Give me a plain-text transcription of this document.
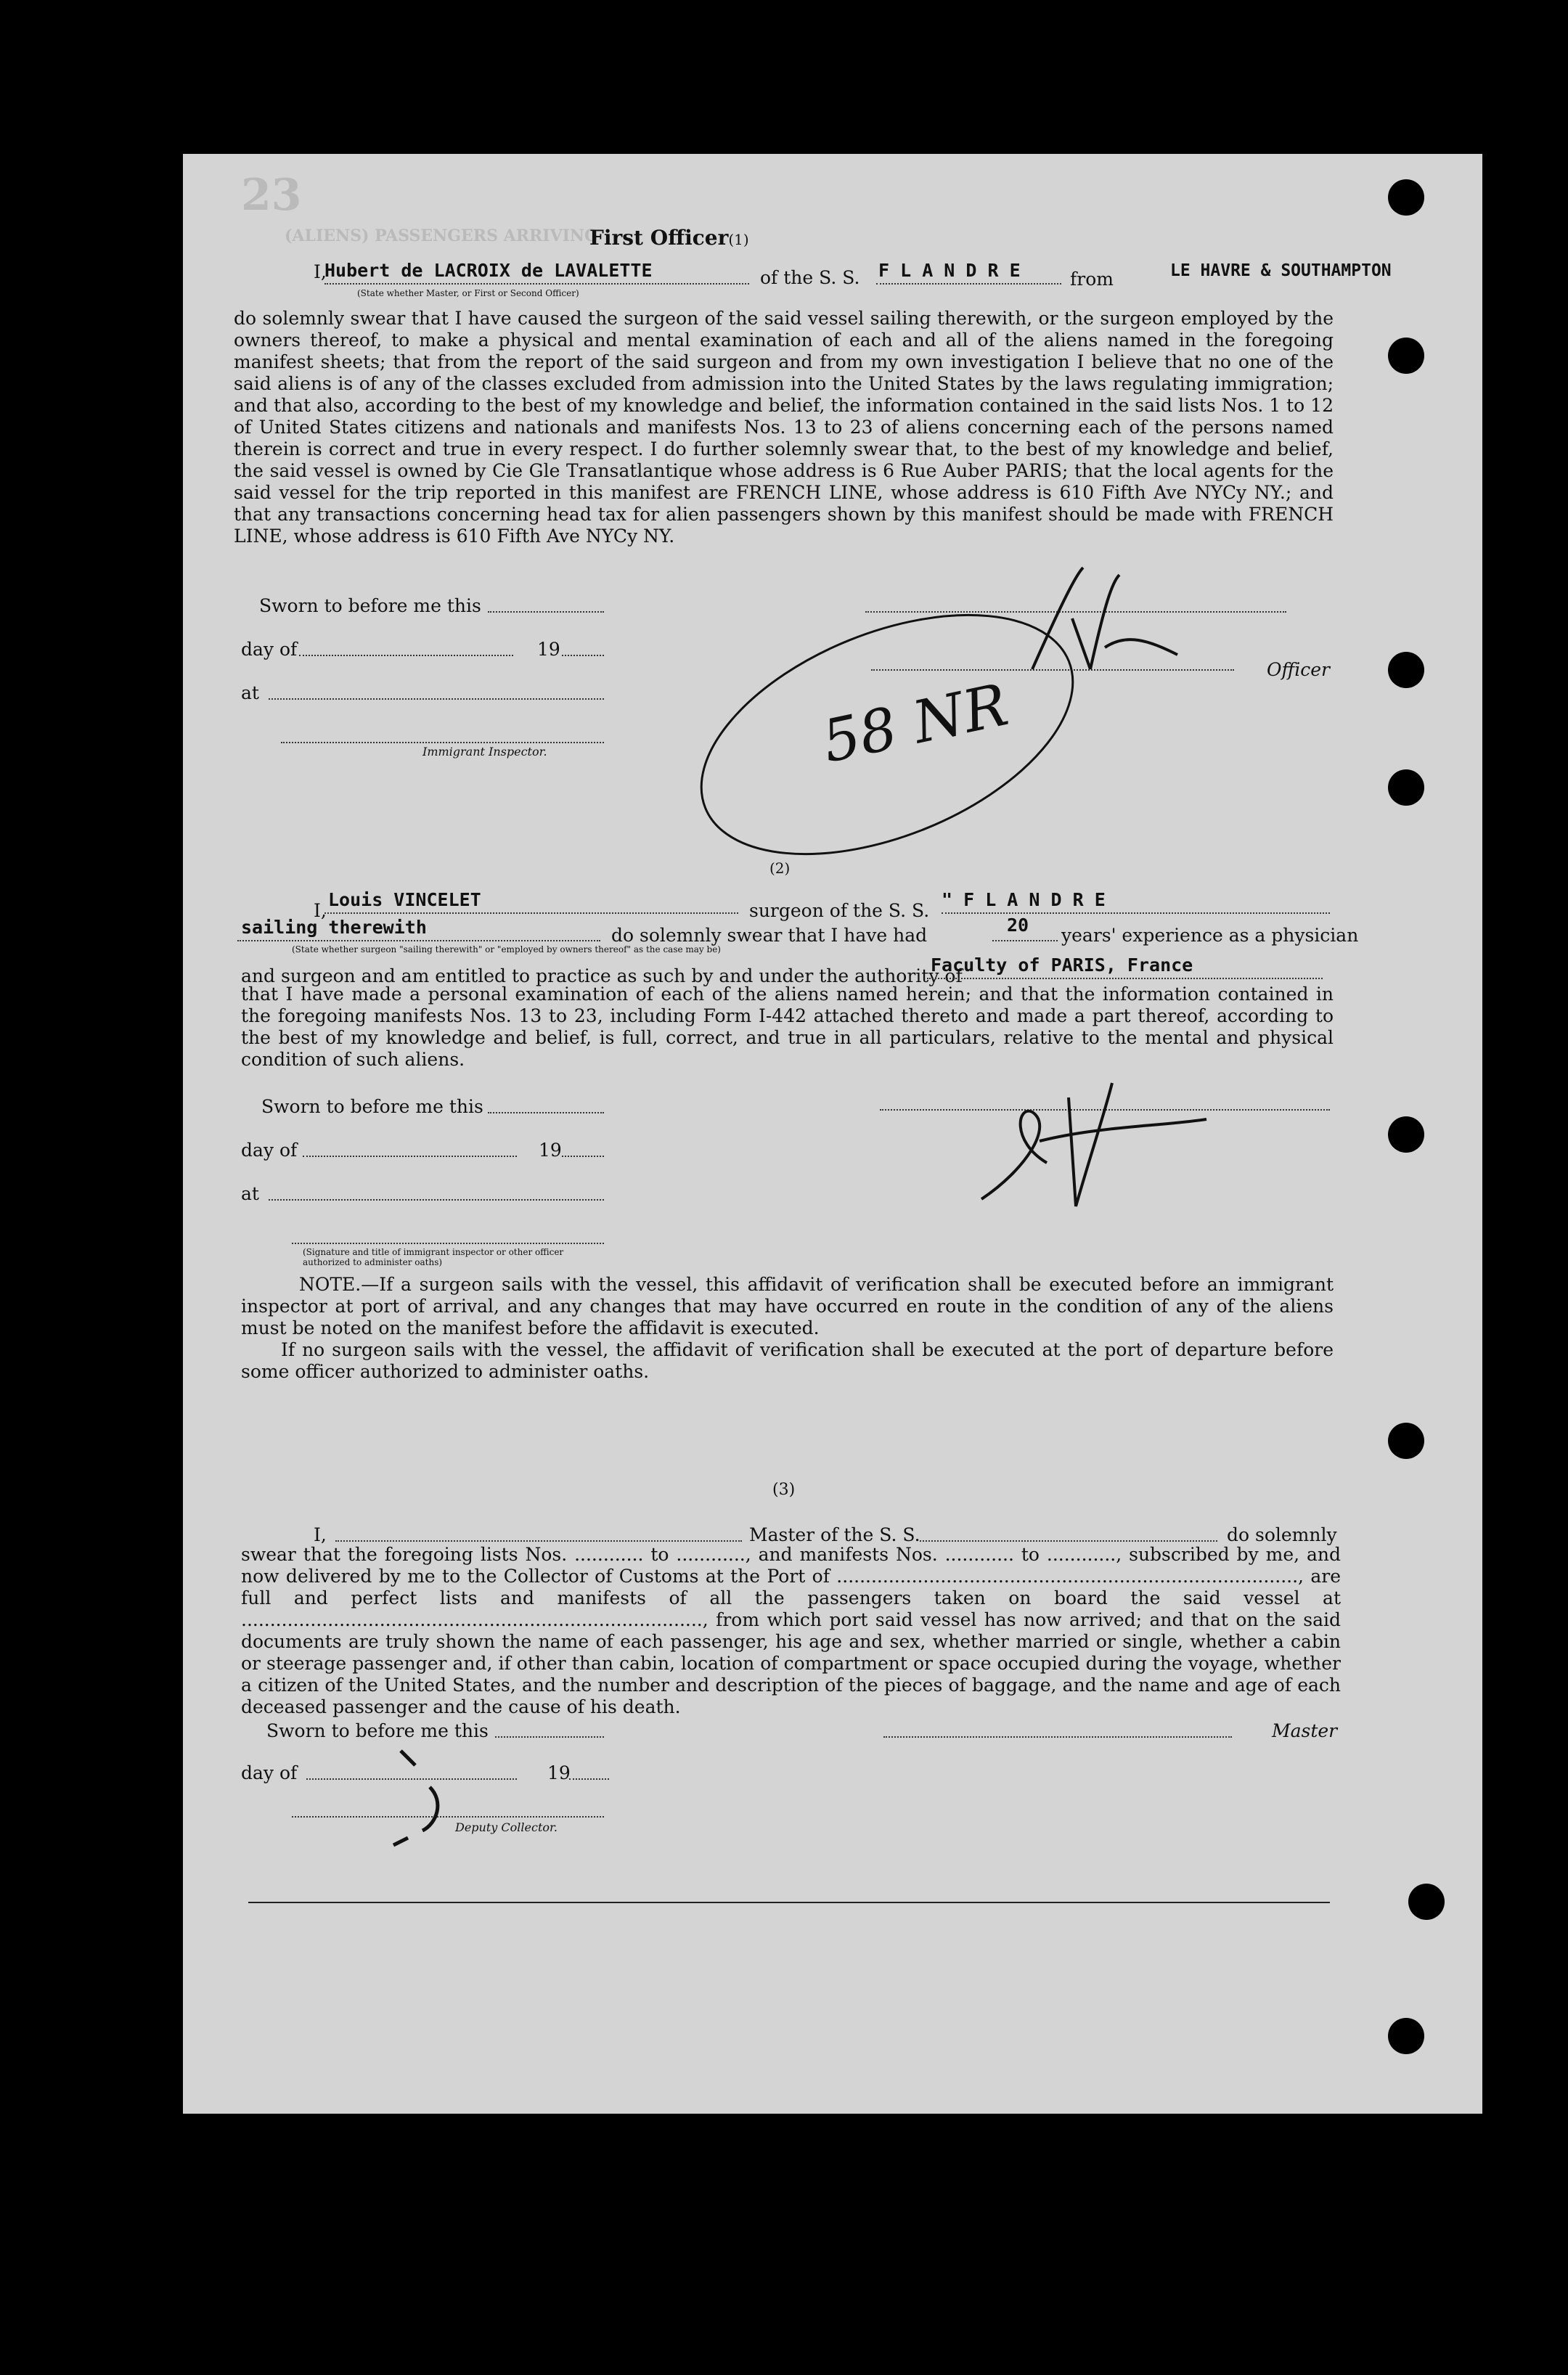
23
(ALIENS) PASSENGERS ARRIVING
First Officer(1)
I,
Hubert de LACROIX de LAVALETTE
(State whether Master, or First or Second Officer)
of the S. S. F L A N D R E	from	LE HAVRE & SOUTHAMPTON
do solemnly swear that I have caused the surgeon of the said vessel sailing therewith, or the surgeon employed by the owners thereof, to make a physical and mental examination of each and all of the aliens named in the foregoing manifest sheets; that from the report of the said surgeon and from my own investigation I believe that no one of the said aliens is of any of the classes excluded from admission into the United States by the laws regulating immigration; and that also, according to the best of my knowledge and belief, the information contained in the said lists Nos. 1 to 12 of United States citizens and nationals and manifests Nos. 13 to 23 of aliens concerning each of the persons named therein is correct and true in every respect. I do further solemnly swear that, to the best of my knowledge and belief, the said vessel is owned by Cie Gle Transatlantique whose address is 6 Rue Auber PARIS; that the local agents for the said vessel for the trip reported in this manifest are FRENCH LINE, whose address is 610 Fifth Ave NYCy NY.; and that any transactions concerning head tax for alien passengers shown by this manifest should be made with FRENCH LINE, whose address is 610 Fifth Ave NYCy NY.
Sworn to before me this
day of	19
Officer
at
Immigrant Inspector.
(2)
I,
Louis VINCELET
surgeon of the S. S.
" F L A N D R E
sailing therewith	do solemnly swear that I have had	20 years' experience as a physician
(State whether surgeon "sailing therewith" or "employed by owners thereof" as the case may be)
and surgeon and am entitled to practice as such by and under the authority of
Faculty of PARIS, France
that I have made a personal examination of each of the aliens named herein; and that the information contained in the foregoing manifests Nos. 13 to 23, including Form I-442 attached thereto and made a part thereof, according to the best of my knowledge and belief, is full, correct, and true in all particulars, relative to the mental and physical condition of such aliens.
Sworn to before me this
day of	19
at
(Signature and title of immigrant inspector or other officer authorized to administer oaths)
NOTE.—If a surgeon sails with the vessel, this affidavit of verification shall be executed before an immigrant inspector at port of arrival, and any changes that may have occurred en route in the condition of any of the aliens must be noted on the manifest before the affidavit is executed.
If no surgeon sails with the vessel, the affidavit of verification shall be executed at the port of departure before some officer authorized to administer oaths.
(3)
I,	Master of the S. S.	do solemnly
swear that the foregoing lists Nos. ............ to ............, and manifests Nos. ............ to ............, subscribed by me, and now delivered by me to the Collector of Customs at the Port of ................................................................................, are full and perfect lists and manifests of all the passengers taken on board the said vessel at ................................................................................, from which port said vessel has now arrived; and that on the said documents are truly shown the name of each passenger, his age and sex, whether married or single, whether a cabin or steerage passenger and, if other than cabin, location of compartment or space occupied during the voyage, whether a citizen of the United States, and the number and description of the pieces of baggage, and the name and age of each deceased passenger and the cause of his death.
Sworn to before me this	Master
day of	19
Deputy Collector.
58 NR
